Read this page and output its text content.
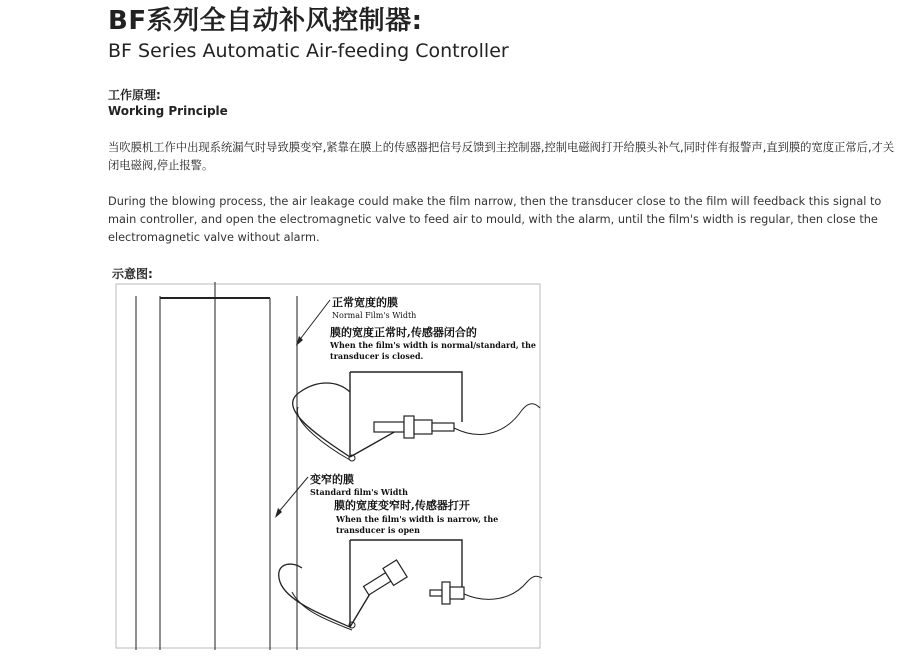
BF系列全自动补风控制器:
BF Series Automatic Air-feeding Controller
工作原理:
Working Principle
当吹膜机工作中出现系统漏气时导致膜变窄,紧靠在膜上的传感器把信号反馈到主控制器,控制电磁阀打开给膜头补气,同时伴有报警声,直到膜的宽度正常后,才关闭电磁阀,停止报警。
During the blowing process, the air leakage could make the film narrow, then the transducer close to the film will feedback this signal to main controller, and open the electromagnetic valve to feed air to mould, with the alarm, until the film's width is regular, then close the electromagnetic valve without alarm.
示意图:
正常宽度的膜
Normal Film's Width
膜的宽度正常时,传感器闭合的
When the film's width is normal/standard, the
transducer is closed.
变窄的膜
Standard film's Width
膜的宽度变窄时,传感器打开
When the film's width is narrow, the
transducer is open
